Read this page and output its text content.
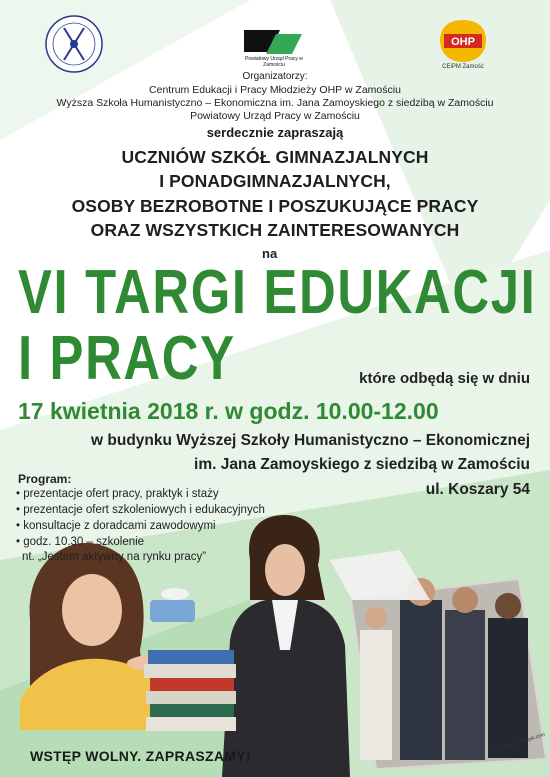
Powiatowy Urząd Pracy w Zamościu
OHP
CEiPM Zamość
Organizatorzy:
Centrum Edukacji i Pracy Młodzieży OHP w Zamościu
Wyższa Szkoła Humanistyczno – Ekonomiczna im. Jana Zamoyskiego z siedzibą w Zamościu
Powiatowy Urząd Pracy w Zamościu
serdecznie zapraszają
UCZNIÓW SZKÓŁ GIMNAZJALNYCH
I PONADGIMNAZJALNYCH,
OSOBY BEZROBOTNE I POSZUKUJĄCE PRACY
ORAZ WSZYSTKICH ZAINTERESOWANYCH
na
VI TARGI EDUKACJI
I PRACY	które odbędą się w dniu
17 kwietnia 2018 r. w godz. 10.00-12.00
w budynku Wyższej Szkoły Humanistyczno – Ekonomicznej
im. Jana Zamoyskiego z siedzibą w Zamościu
ul. Koszary 54
Program:
• prezentacje ofert pracy, praktyk i staży
• prezentacje ofert szkoleniowych i edukacyjnych
• konsultacje z doradcami zawodowymi
• godz. 10.30 – szkolenie
nt. „Jestem aktywny na rynku pracy”
WSTĘP WOLNY. ZAPRASZAMY!
designed by freepik.com
